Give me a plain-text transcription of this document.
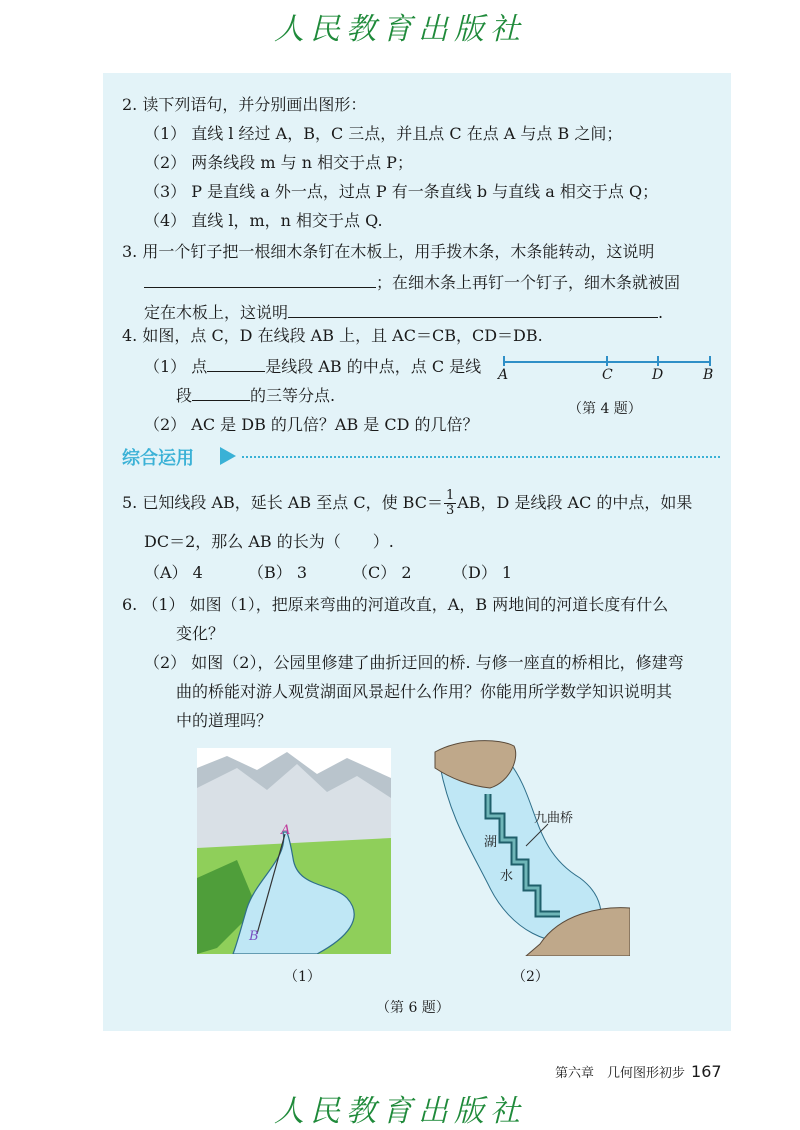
人民教育出版社
2. 读下列语句，并分别画出图形：
（1） 直线 l 经过 A，B，C 三点，并且点 C 在点 A 与点 B 之间；
（2） 两条线段 m 与 n 相交于点 P；
（3） P 是直线 a 外一点，过点 P 有一条直线 b 与直线 a 相交于点 Q；
（4） 直线 l，m，n 相交于点 Q.
3. 用一个钉子把一根细木条钉在木板上，用手拨木条，木条能转动，这说明
；在细木条上再钉一个钉子，细木条就被固
定在木板上，这说明	.
4. 如图，点 C，D 在线段 AB 上，且 AC＝CB，CD＝DB.
（1） 点	是线段 AB 的中点，点 C 是线
段	的三等分点.
（2） AC 是 DB 的几倍？AB 是 CD 的几倍？
A	C	D	B
（第 4 题）
综合运用
5. 已知线段 AB，延长 AB 至点 C，使 $BC= \frac{1}{3}$ AB，D 是线段 AC 的中点，如果
DC＝2，那么 AB 的长为（　　）.
（A） 4	（B） 3	（C） 2	（D） 1
6. （1） 如图（1），把原来弯曲的河道改直，A，B 两地间的河道长度有什么
变化？
（2） 如图（2），公园里修建了曲折迂回的桥. 与修一座直的桥相比，修建弯
曲的桥能对游人观赏湖面风景起什么作用？你能用所学数学知识说明其
中的道理吗？
A
B
九曲桥
湖
水
（1）	（2）
（第 6 题）
第六章　几何图形初步 167
人民教育出版社
